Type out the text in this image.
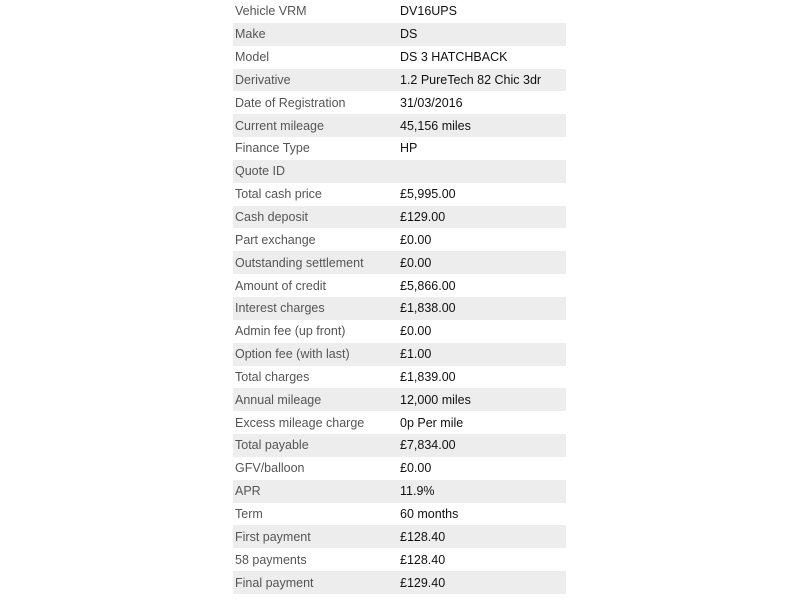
Vehicle VRM	DV16UPS
Make	DS
Model	DS 3 HATCHBACK
Derivative	1.2 PureTech 82 Chic 3dr
Date of Registration	31/03/2016
Current mileage	45,156 miles
Finance Type	HP
Quote ID
Total cash price	£5,995.00
Cash deposit	£129.00
Part exchange	£0.00
Outstanding settlement	£0.00
Amount of credit	£5,866.00
Interest charges	£1,838.00
Admin fee (up front)	£0.00
Option fee (with last)	£1.00
Total charges	£1,839.00
Annual mileage	12,000 miles
Excess mileage charge	0p Per mile
Total payable	£7,834.00
GFV/balloon	£0.00
APR	11.9%
Term	60 months
First payment	£128.40
58 payments	£128.40
Final payment	£129.40
